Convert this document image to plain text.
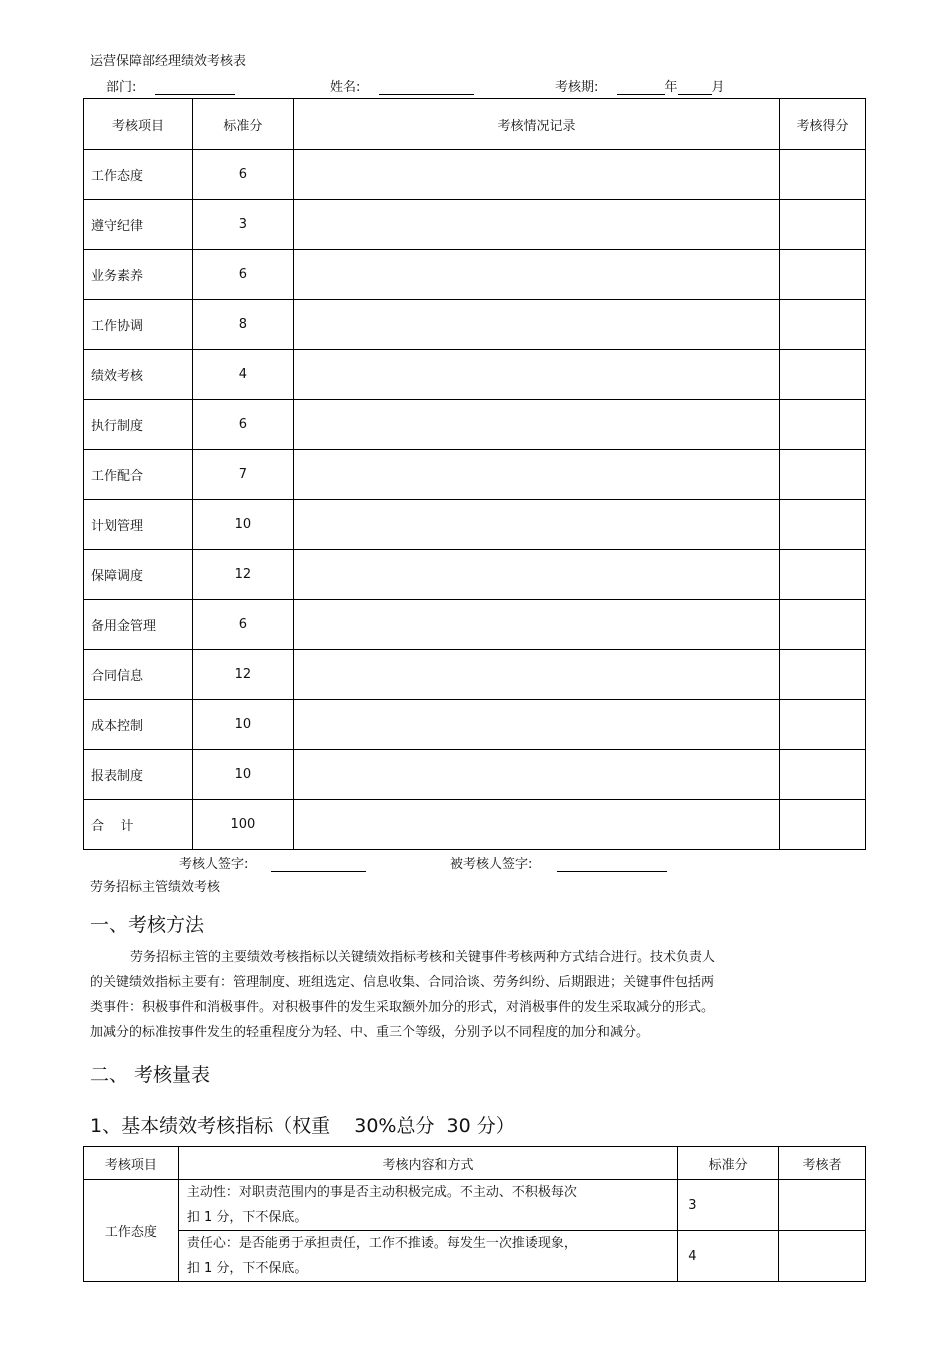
运营保障部经理绩效考核表
部门:	姓名:	考核期:	年	月
考核项目	标准分	考核情况记录	考核得分
工作态度	6		
遵守纪律	3		
业务素养	6		
工作协调	8		
绩效考核	4		
执行制度	6		
工作配合	7		
计划管理	10		
保障调度	12		
备用金管理	6		
合同信息	12		
成本控制	10		
报表制度	10		
合    计	100		
考核人签字:	被考核人签字:
劳务招标主管绩效考核
一、考核方法
劳务招标主管的主要绩效考核指标以关键绩效指标考核和关键事件考核两种方式结合进行。技术负责人
的关键绩效指标主要有：管理制度、班组选定、信息收集、合同洽谈、劳务纠纷、后期跟进；关键事件包括两
类事件：积极事件和消极事件。对积极事件的发生采取额外加分的形式，对消极事件的发生采取减分的形式。
加减分的标准按事件发生的轻重程度分为轻、中、重三个等级，分别予以不同程度的加分和减分。
二、 考核量表
1、基本绩效考核指标（权重    30%总分  30 分）
考核项目	考核内容和方式	标准分	考核者
工作态度	主动性：对职责范围内的事是否主动积极完成。不主动、不积极每次
扣 1 分，下不保底。	3	

	责任心：是否能勇于承担责任，工作不推诿。每发生一次推诿现象，
扣 1 分，下不保底。	4	
